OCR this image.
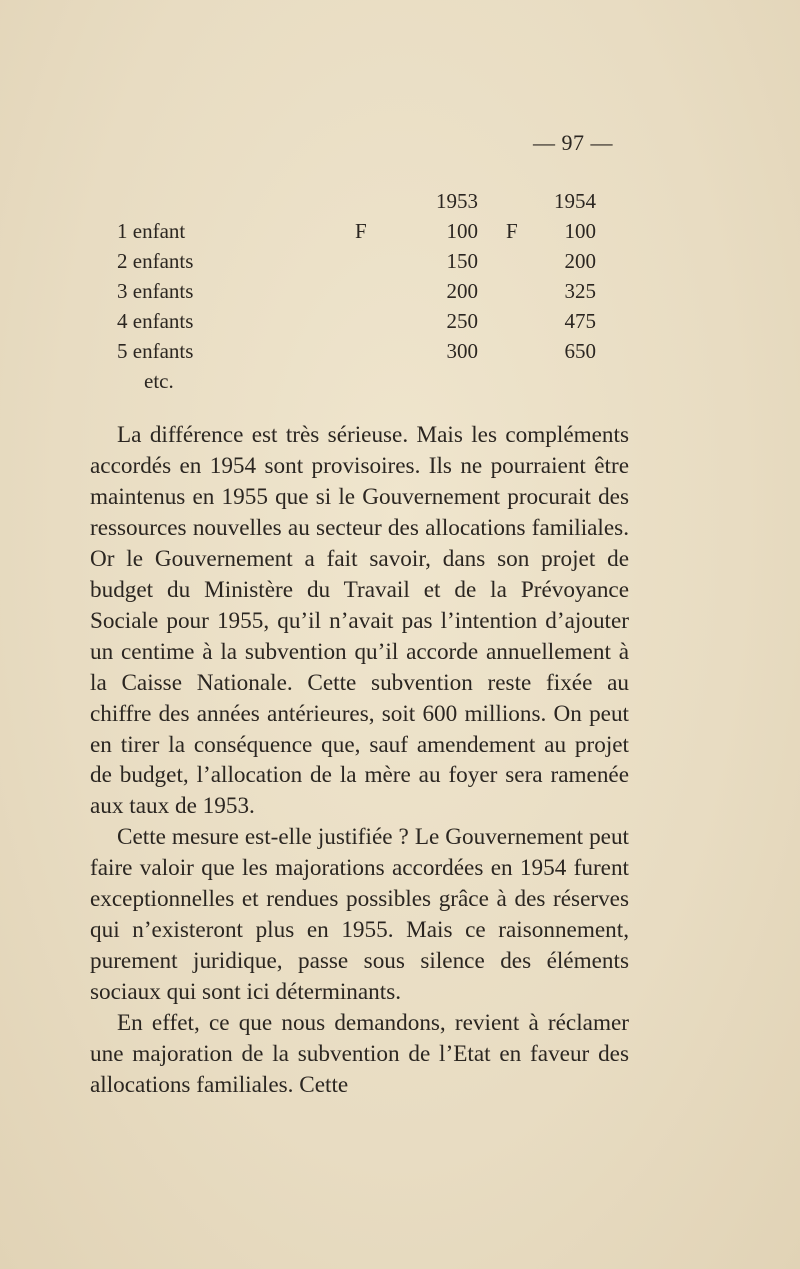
— 97 —
1953	1954
1 enfant	F	100 F	100
2 enfants	150	200
3 enfants	200	325
4 enfants	250	475
5 enfants	300	650
etc.

La différence est très sérieuse. Mais les compléments accordés en 1954 sont provisoires. Ils ne pourraient être maintenus en 1955 que si le Gouvernement procurait des ressources nouvelles au secteur des allocations familiales. Or le Gouvernement a fait savoir, dans son projet de budget du Ministère du Travail et de la Prévoyance Sociale pour 1955, qu’il n’avait pas l’intention d’ajouter un centime à la subvention qu’il accorde annuellement à la Caisse Nationale. Cette subvention reste fixée au chiffre des années antérieures, soit 600 millions. On peut en tirer la conséquence que, sauf amendement au projet de budget, l’allocation de la mère au foyer sera ramenée aux taux de 1953.

Cette mesure est-elle justifiée ? Le Gouvernement peut faire valoir que les majorations accordées en 1954 furent exceptionnelles et rendues possibles grâce à des réserves qui n’existeront plus en 1955. Mais ce raisonnement, purement juridique, passe sous silence des éléments sociaux qui sont ici déterminants.

En effet, ce que nous demandons, revient à réclamer une majoration de la subvention de l’Etat en faveur des allocations familiales. Cette
